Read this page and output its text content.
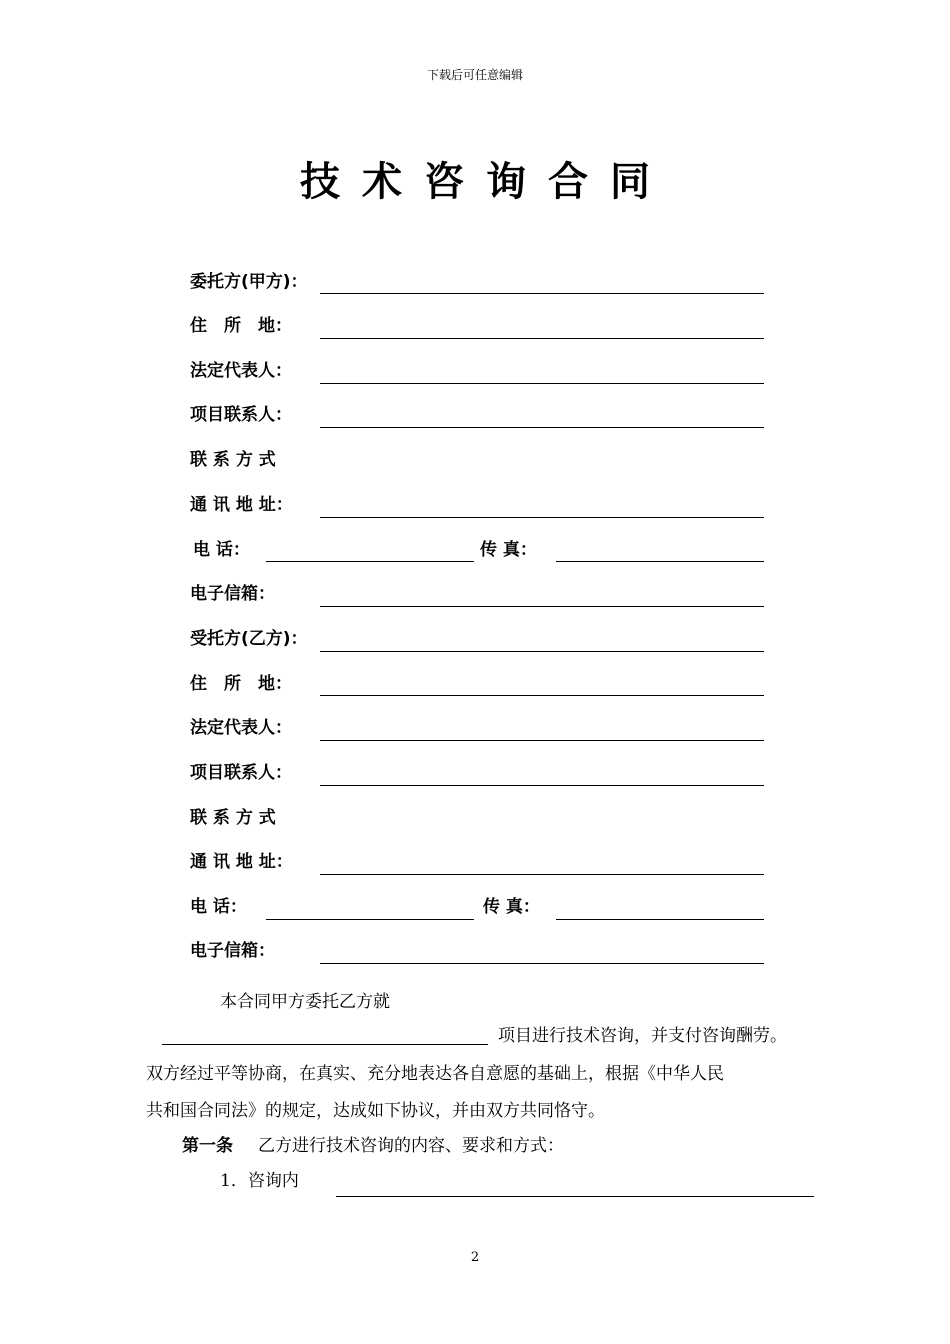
下载后可任意编辑
技术咨询合同
委托方(甲方)：
住　所　地：
法定代表人：
项目联系人：
联 系 方 式
通 讯 地 址：
电 话：	传 真：
电子信箱：
受托方(乙方)：
住　所　地：
法定代表人：
项目联系人：
联 系 方 式
通 讯 地 址：
电 话：	传 真：
电子信箱：
本合同甲方委托乙方就
项目进行技术咨询，并支付咨询酬劳。
双方经过平等协商，在真实、充分地表达各自意愿的基础上，根据《中华人民
共和国合同法》的规定，达成如下协议，并由双方共同恪守。
第一条 乙方进行技术咨询的内容、要求和方式：
1．咨询内
2
